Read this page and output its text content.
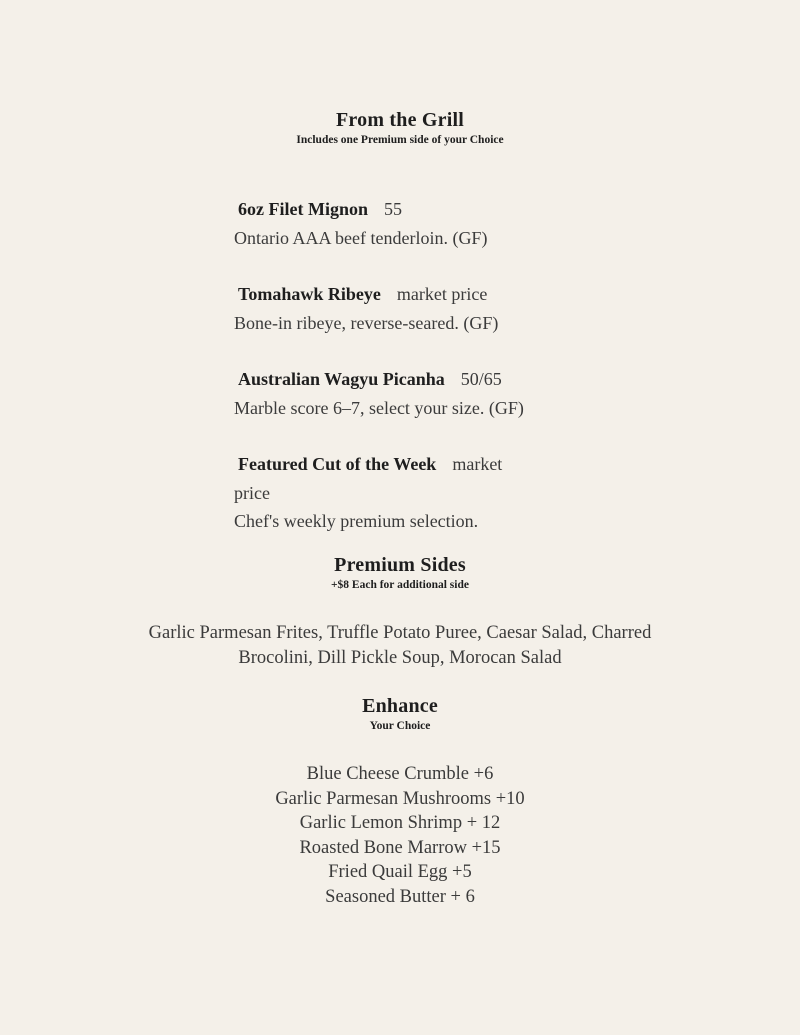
From the Grill
Includes one Premium side of your Choice
6oz Filet Mignon 55
Ontario AAA beef tenderloin. (GF)
Tomahawk Ribeye market price
Bone-in ribeye, reverse-seared. (GF)
Australian Wagyu Picanha 50/65
Marble score 6–7, select your size. (GF)
Featured Cut of the Week market price
Chef's weekly premium selection.
Premium Sides
+$8 Each for additional side
Garlic Parmesan Frites, Truffle Potato Puree, Caesar Salad, Charred Brocolini, Dill Pickle Soup, Morocan Salad
Enhance
Your Choice
Blue Cheese Crumble +6
Garlic Parmesan Mushrooms +10
Garlic Lemon Shrimp + 12
Roasted Bone Marrow +15
Fried Quail Egg +5
Seasoned Butter + 6
